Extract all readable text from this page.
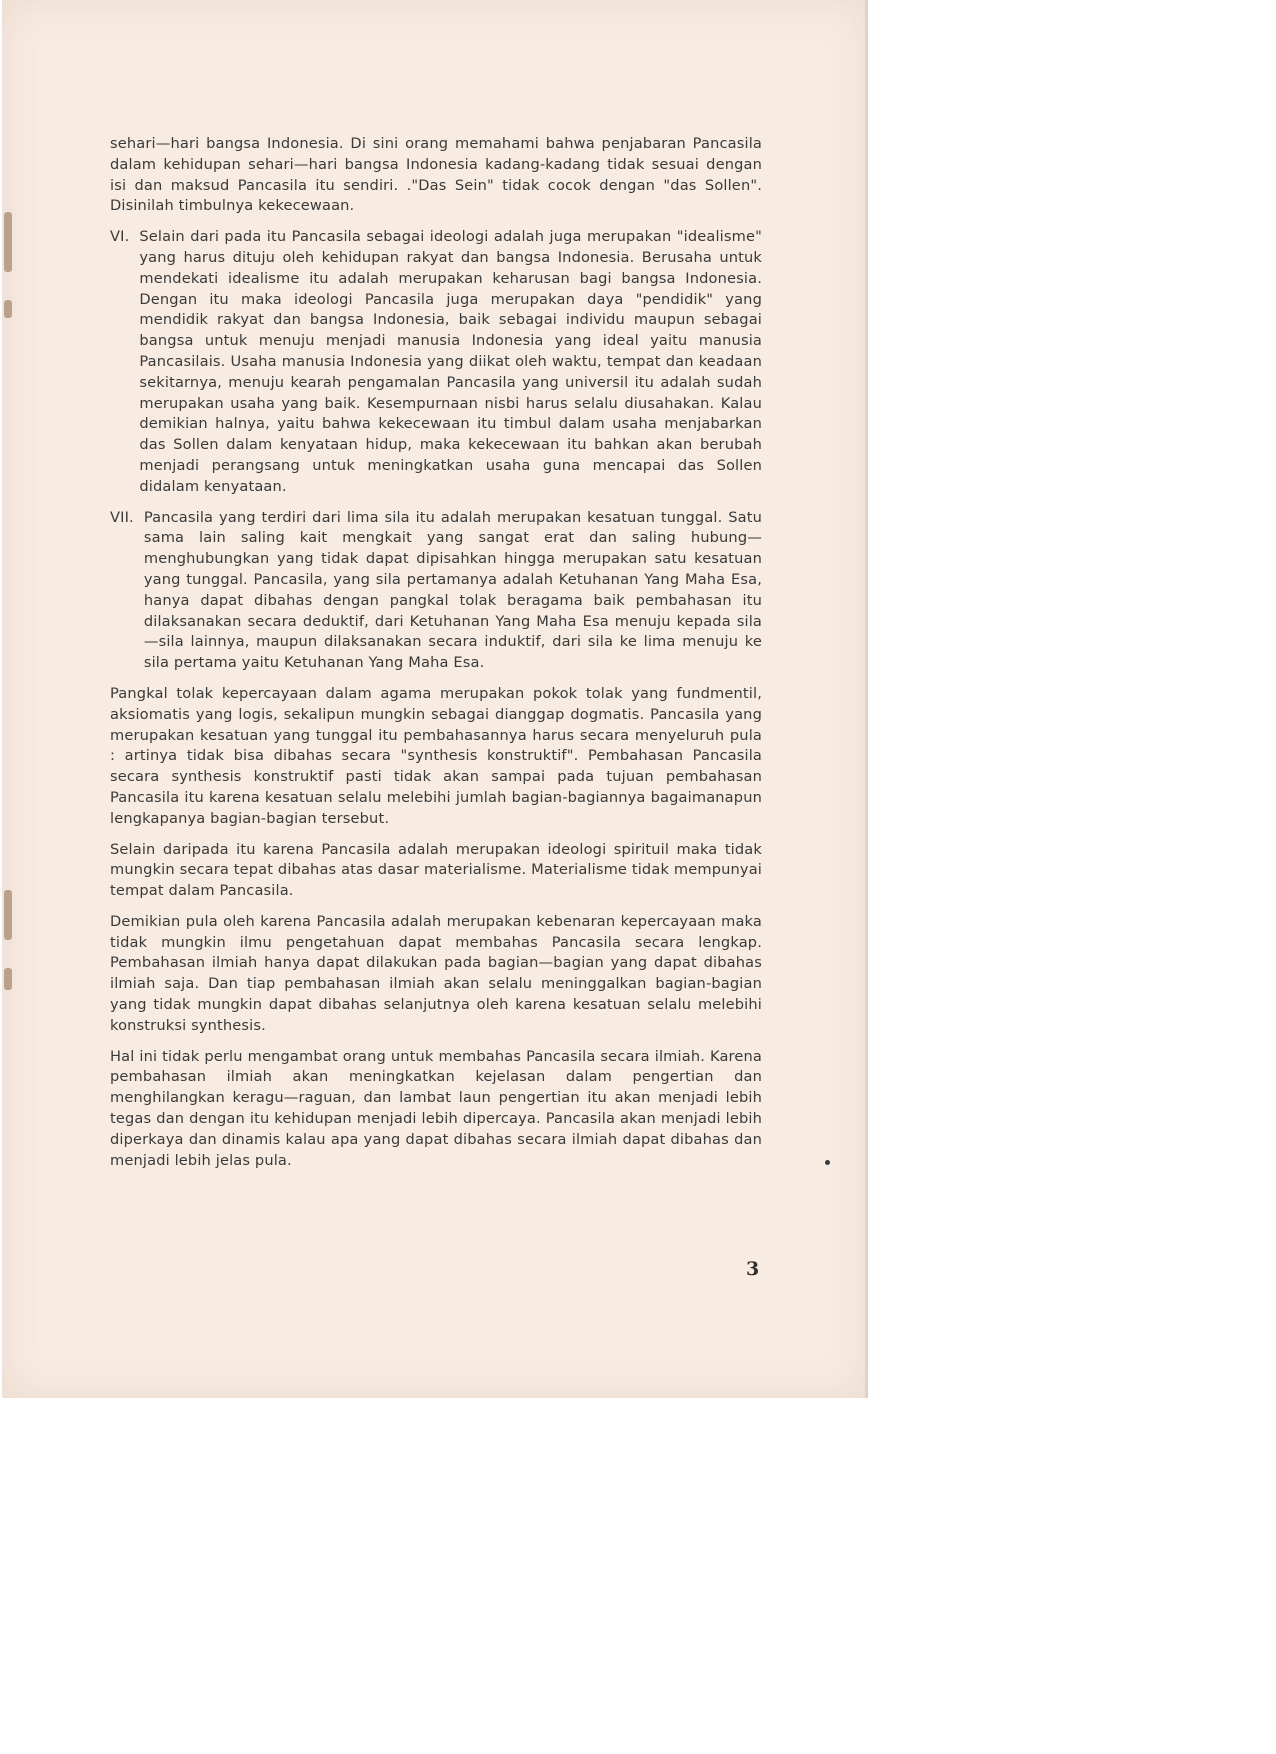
sehari—hari bangsa Indonesia. Di sini orang memahami bahwa penjabaran Pancasila dalam kehidupan sehari—hari bangsa Indonesia kadang-kadang tidak sesuai dengan isi dan maksud Pancasila itu sendiri. ."Das Sein" tidak cocok dengan "das Sollen". Disinilah timbulnya kekecewaan.

VI. Selain dari pada itu Pancasila sebagai ideologi adalah juga merupakan "idealisme" yang harus dituju oleh kehidupan rakyat dan bangsa Indonesia. Berusaha untuk mendekati idealisme itu adalah merupakan keharusan bagi bangsa Indonesia. Dengan itu maka ideologi Pancasila juga merupakan daya "pendidik" yang mendidik rakyat dan bangsa Indonesia, baik sebagai individu maupun sebagai bangsa untuk menuju menjadi manusia Indonesia yang ideal yaitu manusia Pancasilais. Usaha manusia Indonesia yang diikat oleh waktu, tempat dan keadaan sekitarnya, menuju kearah pengamalan Pancasila yang universil itu adalah sudah merupakan usaha yang baik. Kesempurnaan nisbi harus selalu diusahakan. Kalau demikian halnya, yaitu bahwa kekecewaan itu timbul dalam usaha menjabarkan das Sollen dalam kenyataan hidup, maka kekecewaan itu bahkan akan berubah menjadi perangsang untuk meningkatkan usaha guna mencapai das Sollen didalam kenyataan.
VII. Pancasila yang terdiri dari lima sila itu adalah merupakan kesatuan tunggal. Satu sama lain saling kait mengkait yang sangat erat dan saling hubung—menghubungkan yang tidak dapat dipisahkan hingga merupakan satu kesatuan yang tunggal. Pancasila, yang sila pertamanya adalah Ketuhanan Yang Maha Esa, hanya dapat dibahas dengan pangkal tolak beragama baik pembahasan itu dilaksanakan secara deduktif, dari Ketuhanan Yang Maha Esa menuju kepada sila—sila lainnya, maupun dilaksanakan secara induktif, dari sila ke lima menuju ke sila pertama yaitu Ketuhanan Yang Maha Esa.

Pangkal tolak kepercayaan dalam agama merupakan pokok tolak yang fundmentil, aksiomatis yang logis, sekalipun mungkin sebagai dianggap dogmatis. Pancasila yang merupakan kesatuan yang tunggal itu pembahasannya harus secara menyeluruh pula : artinya tidak bisa dibahas secara "synthesis konstruktif". Pembahasan Pancasila secara synthesis konstruktif pasti tidak akan sampai pada tujuan pembahasan Pancasila itu karena kesatuan selalu melebihi jumlah bagian-bagiannya bagaimanapun lengkapanya bagian-bagian tersebut.

Selain daripada itu karena Pancasila adalah merupakan ideologi spirituil maka tidak mungkin secara tepat dibahas atas dasar materialisme. Materialisme tidak mempunyai tempat dalam Pancasila.

Demikian pula oleh karena Pancasila adalah merupakan kebenaran kepercayaan maka tidak mungkin ilmu pengetahuan dapat membahas Pancasila secara lengkap. Pembahasan ilmiah hanya dapat dilakukan pada bagian—bagian yang dapat dibahas ilmiah saja. Dan tiap pembahasan ilmiah akan selalu meninggalkan bagian-bagian yang tidak mungkin dapat dibahas selanjutnya oleh karena kesatuan selalu melebihi konstruksi synthesis.

Hal ini tidak perlu mengambat orang untuk membahas Pancasila secara ilmiah. Karena pembahasan ilmiah akan meningkatkan kejelasan dalam pengertian dan menghilangkan keragu—raguan, dan lambat laun pengertian itu akan menjadi lebih tegas dan dengan itu kehidupan menjadi lebih dipercaya. Pancasila akan menjadi lebih diperkaya dan dinamis kalau apa yang dapat dibahas secara ilmiah dapat dibahas dan menjadi lebih jelas pula.

3
